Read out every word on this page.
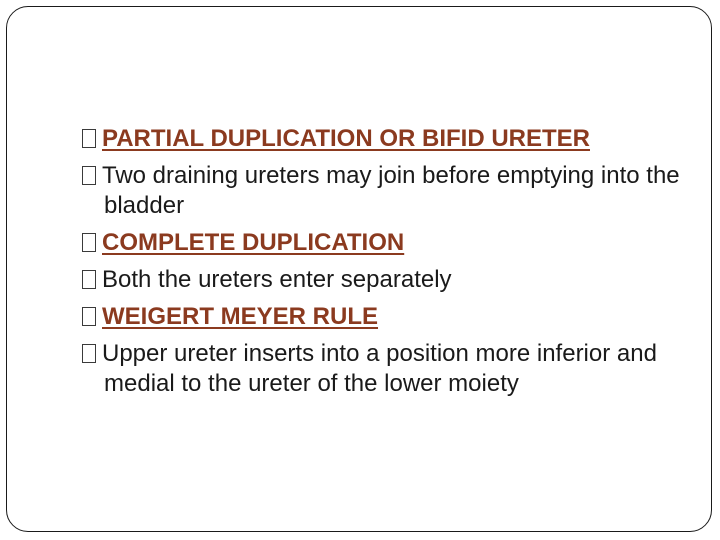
PARTIAL DUPLICATION OR BIFID URETER
Two draining ureters may join before emptying into the bladder
COMPLETE DUPLICATION
Both the ureters enter separately
WEIGERT MEYER RULE
Upper ureter inserts into a position more inferior and medial to the ureter of the lower moiety
